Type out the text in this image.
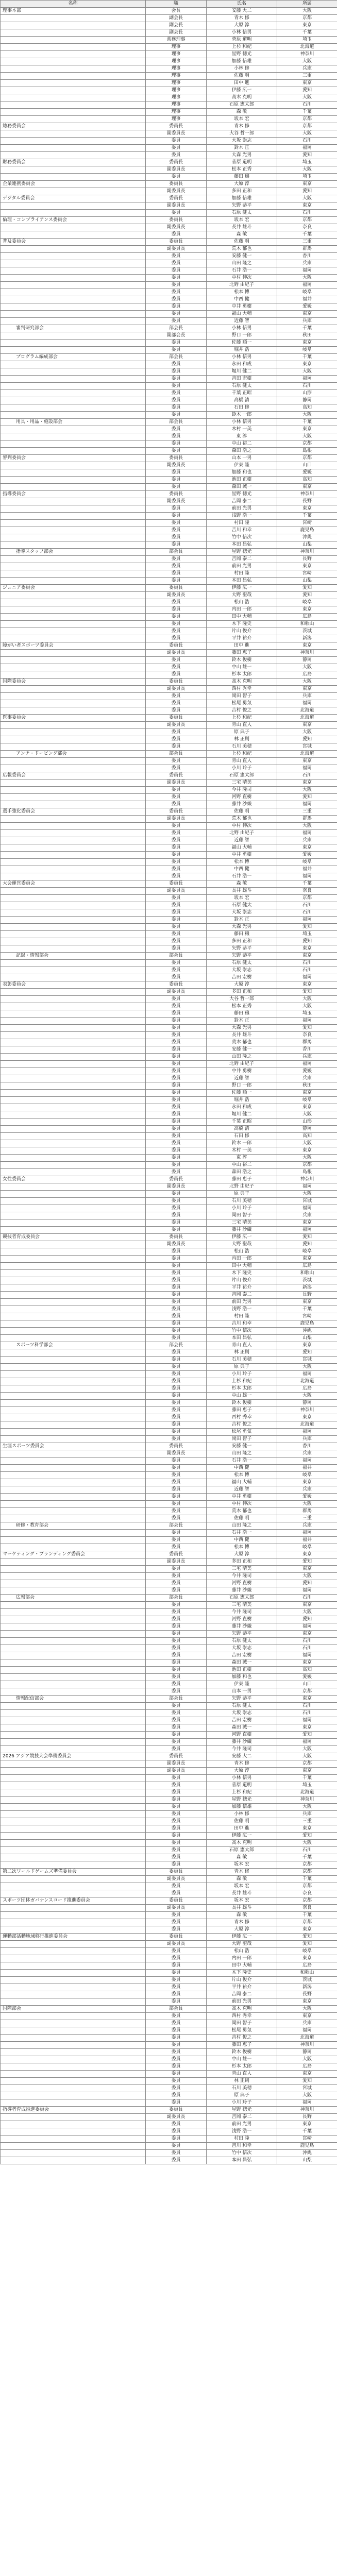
名称	職	氏名	所属
理事本部	会長	安藤 大二	大阪
	副会長	青木 修	京都
	副会長	大原 淳	東京
	副会長	小林 信男	千葉
	常務理事	菅原 道明	埼玉
	理事	上杉 和紀	北海道
	理事	星野 徳光	神奈川
	理事	加藤 信雄	大阪
	理事	小林 修	兵庫
	理事	佐藤 明	三重
	理事	田中 進	東京
	理事	伊藤 広一	愛知
	理事	高木 克明	大阪
	理事	石原 憲太郎	石川
	理事	森 敏	千葉
	理事	坂本 宏	京都
総務委員会	委員長	青木 修	京都
	副委員長	大谷 哲一郎	大阪
	委員	大坂 崇志	石川
	委員	鈴木 正	福岡
	委員	大森 光男	愛知
財務委員会	委員長	菅原 道明	埼玉
	副委員長	松本 正秀	大阪
	委員	藤田 穣	埼玉
企業連携委員会	委員長	大原 淳	東京
	副委員長	多田 正和	愛知
デジタル委員会	委員長	加藤 信雄	大阪
	副委員長	矢野 恭平	東京
	委員	石原 健太	石川
倫理・コンプライアンス委員会	委員長	坂本 宏	京都
	副委員長	長井 雄斗	奈良
	委員	森 敏	千葉
普及委員会	委員長	佐藤 明	三重
	副委員長	荒木 郁也	群馬
	委員	安藤 健一	香川
	委員	山田 隆之	兵庫
	委員	石井 浩一	福岡
	委員	中村 伸次	大阪
	委員	北野 由紀子	福岡
	委員	松本 博	岐阜
	委員	中西 健	福井
	委員	中井 勇樹	愛媛
	委員	福山 大輔	東京
	委員	近藤 智	兵庫
審判研究部会	部会長	小林 信男	千葉
	副部会長	野口 一郎	秋田
	委員	佐藤 順一	東京
	委員	堀井 浩	岐阜
プログラム編成部会	部会長	小林 信男	千葉
	委員	永田 和成	東京
	委員	堀川 健二	大阪
	委員	吉田 宏樹	福岡
	委員	石原 健太	石川
	委員	千葉 正昭	山形
	委員	高橋 清	静岡
	委員	石田 修	高知
	委員	鈴木 一郎	大阪
用具・用品・施設部会	部会長	小林 信男	千葉
	委員	木村 一美	東京
	委員	東 淳	大阪
	委員	中山 裕二	京都
	委員	森田 浩之	島根
審判委員会	委員長	山本 一男	京都
	副委員長	伊東 隆	山口
	委員	加藤 和也	愛媛
	委員	池田 正樹	高知
	委員	森田 誠一	東京
指導委員会	委員長	星野 徳光	神奈川
	副委員長	吉岡 泰二	長野
	委員	前田 光男	東京
	委員	浅野 浩一	千葉
	委員	村田 隆	宮崎
	委員	吉川 和幸	鹿児島
	委員	竹中 信次	沖縄
	委員	本田 昌弘	山梨
指導スタッフ部会	部会長	星野 徳光	神奈川
	委員	吉岡 泰二	長野
	委員	前田 光男	東京
	委員	村田 隆	宮崎
	委員	本田 昌弘	山梨
ジュニア委員会	委員長	伊藤 広一	愛知
	副委員長	大野 聖哉	愛知
	委員	松山 浩	岐阜
	委員	内田 一郎	東京
	委員	田中 大輔	広島
	委員	木下 隆史	和歌山
	委員	片山 俊介	茨城
	委員	平井 祐介	新潟
障がい者スポーツ委員会	委員長	田中 進	東京
	副委員長	藤田 恵子	神奈川
	委員	鈴木 俊樹	静岡
	委員	中山 雄一	大阪
	委員	杉本 太郎	広島
国際委員会	委員長	高木 克明	大阪
	副委員長	西村 秀幸	東京
	委員	岡田 智子	兵庫
	委員	松尾 勇気	福岡
	委員	吉村 俊之	北海道
医事委員会	委員長	上杉 和紀	北海道
	副委員長	青山 直人	東京
	委員	原 典子	大阪
	委員	林 正則	愛知
	委員	石川 美穂	宮城
アンチ・ドーピング部会	部会長	上杉 和紀	北海道
	委員	青山 直人	東京
	委員	小川 玲子	福岡
広報委員会	委員長	石原 憲太郎	石川
	副委員長	三宅 晴美	東京
	委員	今井 隆司	大阪
	委員	河野 直樹	愛知
	委員	藤井 沙織	福岡
選手強化委員会	委員長	佐藤 明	三重
	副委員長	荒木 郁也	群馬
	委員	中村 伸次	大阪
	委員	北野 由紀子	福岡
	委員	近藤 智	兵庫
	委員	福山 大輔	東京
	委員	中井 勇樹	愛媛
	委員	松本 博	岐阜
	委員	中西 健	福井
	委員	石井 浩一	福岡
大会運営委員会	委員長	森 敏	千葉
	副委員長	長井 雄斗	奈良
	委員	坂本 宏	京都
	委員	石原 健太	石川
	委員	大坂 崇志	石川
	委員	鈴木 正	福岡
	委員	大森 光男	愛知
	委員	藤田 穣	埼玉
	委員	多田 正和	愛知
	委員	矢野 恭平	東京
記録・情報部会	部会長	矢野 恭平	東京
	委員	石原 健太	石川
	委員	大坂 崇志	石川
	委員	吉田 宏樹	福岡
表彰委員会	委員長	大原 淳	東京
	副委員長	多田 正和	愛知
	委員	大谷 哲一郎	大阪
	委員	松本 正秀	大阪
	委員	藤田 穣	埼玉
	委員	鈴木 正	福岡
	委員	大森 光男	愛知
	委員	長井 雄斗	奈良
	委員	荒木 郁也	群馬
	委員	安藤 健一	香川
	委員	山田 隆之	兵庫
	委員	北野 由紀子	福岡
	委員	中井 勇樹	愛媛
	委員	近藤 智	兵庫
	委員	野口 一郎	秋田
	委員	佐藤 順一	東京
	委員	堀井 浩	岐阜
	委員	永田 和成	東京
	委員	堀川 健二	大阪
	委員	千葉 正昭	山形
	委員	高橋 清	静岡
	委員	石田 修	高知
	委員	鈴木 一郎	大阪
	委員	木村 一美	東京
	委員	東 淳	大阪
	委員	中山 裕二	京都
	委員	森田 浩之	島根
女性委員会	委員長	藤田 恵子	神奈川
	副委員長	北野 由紀子	福岡
	委員	原 典子	大阪
	委員	石川 美穂	宮城
	委員	小川 玲子	福岡
	委員	岡田 智子	兵庫
	委員	三宅 晴美	東京
	委員	藤井 沙織	福岡
競技者育成委員会	委員長	伊藤 広一	愛知
	副委員長	大野 聖哉	愛知
	委員	松山 浩	岐阜
	委員	内田 一郎	東京
	委員	田中 大輔	広島
	委員	木下 隆史	和歌山
	委員	片山 俊介	茨城
	委員	平井 祐介	新潟
	委員	吉岡 泰二	長野
	委員	前田 光男	東京
	委員	浅野 浩一	千葉
	委員	村田 隆	宮崎
	委員	吉川 和幸	鹿児島
	委員	竹中 信次	沖縄
	委員	本田 昌弘	山梨
スポーツ科学部会	部会長	青山 直人	東京
	委員	林 正則	愛知
	委員	石川 美穂	宮城
	委員	原 典子	大阪
	委員	小川 玲子	福岡
	委員	上杉 和紀	北海道
	委員	杉本 太郎	広島
	委員	中山 雄一	大阪
	委員	鈴木 俊樹	静岡
	委員	藤田 恵子	神奈川
	委員	西村 秀幸	東京
	委員	吉村 俊之	北海道
	委員	松尾 勇気	福岡
	委員	岡田 智子	兵庫
生涯スポーツ委員会	委員長	安藤 健一	香川
	副委員長	山田 隆之	兵庫
	委員	石井 浩一	福岡
	委員	中西 健	福井
	委員	松本 博	岐阜
	委員	福山 大輔	東京
	委員	近藤 智	兵庫
	委員	中井 勇樹	愛媛
	委員	中村 伸次	大阪
	委員	荒木 郁也	群馬
	委員	佐藤 明	三重
研修・教育部会	部会長	山田 隆之	兵庫
	委員	石井 浩一	福岡
	委員	中西 健	福井
	委員	松本 博	岐阜
マーケティング・ブランディング委員会	委員長	大原 淳	東京
	副委員長	多田 正和	愛知
	委員	三宅 晴美	東京
	委員	今井 隆司	大阪
	委員	河野 直樹	愛知
	委員	藤井 沙織	福岡
広報部会	部会長	石原 憲太郎	石川
	委員	三宅 晴美	東京
	委員	今井 隆司	大阪
	委員	河野 直樹	愛知
	委員	藤井 沙織	福岡
	委員	矢野 恭平	東京
	委員	石原 健太	石川
	委員	大坂 崇志	石川
	委員	吉田 宏樹	福岡
	委員	森田 誠一	東京
	委員	池田 正樹	高知
	委員	加藤 和也	愛媛
	委員	伊東 隆	山口
	委員	山本 一男	京都
情報配信部会	部会長	矢野 恭平	東京
	委員	石原 健太	石川
	委員	大坂 崇志	石川
	委員	吉田 宏樹	福岡
	委員	森田 誠一	東京
	委員	河野 直樹	愛知
	委員	藤井 沙織	福岡
	委員	今井 隆司	大阪
2026 アジア競技大会準備委員会	委員長	安藤 大二	大阪
	副委員長	青木 修	京都
	副委員長	大原 淳	東京
	委員	小林 信男	千葉
	委員	菅原 道明	埼玉
	委員	上杉 和紀	北海道
	委員	星野 徳光	神奈川
	委員	加藤 信雄	大阪
	委員	小林 修	兵庫
	委員	佐藤 明	三重
	委員	田中 進	東京
	委員	伊藤 広一	愛知
	委員	高木 克明	大阪
	委員	石原 憲太郎	石川
	委員	森 敏	千葉
	委員	坂本 宏	京都
第二次ワールドゲームズ準備委員会	委員長	青木 修	京都
	副委員長	森 敏	千葉
	委員	坂本 宏	京都
	委員	長井 雄斗	奈良
スポーツ団体ガバナンスコード推進委員会	委員長	坂本 宏	京都
	副委員長	長井 雄斗	奈良
	委員	森 敏	千葉
	委員	青木 修	京都
	委員	大原 淳	東京
運動部活動地域移行推進委員会	委員長	伊藤 広一	愛知
	副委員長	大野 聖哉	愛知
	委員	松山 浩	岐阜
	委員	内田 一郎	東京
	委員	田中 大輔	広島
	委員	木下 隆史	和歌山
	委員	片山 俊介	茨城
	委員	平井 祐介	新潟
	委員	吉岡 泰二	長野
	委員	前田 光男	東京
国際部会	部会長	高木 克明	大阪
	委員	西村 秀幸	東京
	委員	岡田 智子	兵庫
	委員	松尾 勇気	福岡
	委員	吉村 俊之	北海道
	委員	藤田 恵子	神奈川
	委員	鈴木 俊樹	静岡
	委員	中山 雄一	大阪
	委員	杉本 太郎	広島
	委員	青山 直人	東京
	委員	林 正則	愛知
	委員	石川 美穂	宮城
	委員	原 典子	大阪
	委員	小川 玲子	福岡
指導者育成推進委員会	委員長	星野 徳光	神奈川
	副委員長	吉岡 泰二	長野
	委員	前田 光男	東京
	委員	浅野 浩一	千葉
	委員	村田 隆	宮崎
	委員	吉川 和幸	鹿児島
	委員	竹中 信次	沖縄
	委員	本田 昌弘	山梨
